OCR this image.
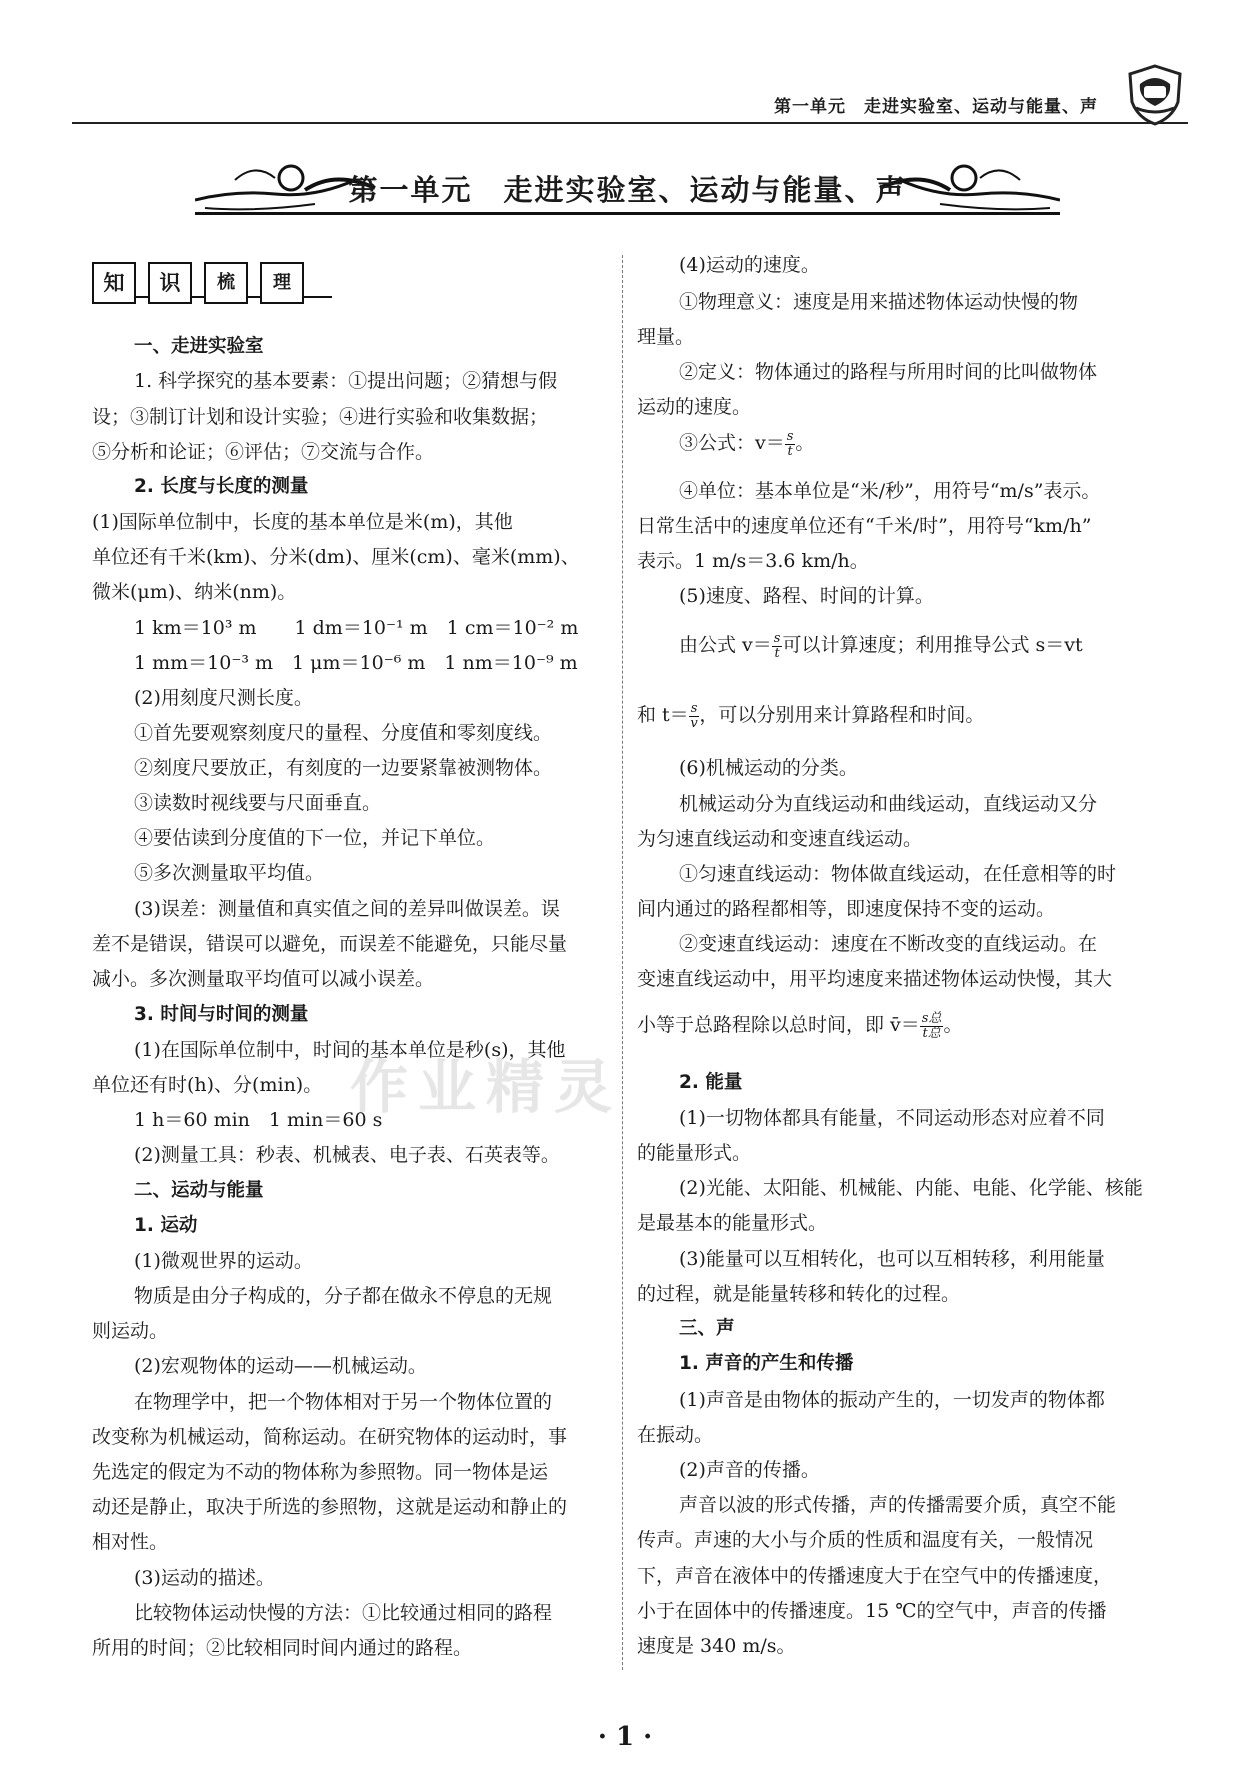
第一单元　走进实验室、运动与能量、声
第一单元　走进实验室、运动与能量、声
知	识	梳	理
作业精灵
一、走进实验室
1. 科学探究的基本要素：①提出问题；②猜想与假
设；③制订计划和设计实验；④进行实验和收集数据；
⑤分析和论证；⑥评估；⑦交流与合作。
2. 长度与长度的测量
(1)国际单位制中，长度的基本单位是米(m)，其他
单位还有千米(km)、分米(dm)、厘米(cm)、毫米(mm)、
微米(μm)、纳米(nm)。
1 km＝10³ m　　1 dm＝10⁻¹ m　1 cm＝10⁻² m
1 mm＝10⁻³ m　1 μm＝10⁻⁶ m　1 nm＝10⁻⁹ m
(2)用刻度尺测长度。
①首先要观察刻度尺的量程、分度值和零刻度线。
②刻度尺要放正，有刻度的一边要紧靠被测物体。
③读数时视线要与尺面垂直。
④要估读到分度值的下一位，并记下单位。
⑤多次测量取平均值。
(3)误差：测量值和真实值之间的差异叫做误差。误
差不是错误，错误可以避免，而误差不能避免，只能尽量
减小。多次测量取平均值可以减小误差。
3. 时间与时间的测量
(1)在国际单位制中，时间的基本单位是秒(s)，其他
单位还有时(h)、分(min)。
1 h＝60 min　1 min＝60 s
(2)测量工具：秒表、机械表、电子表、石英表等。
二、运动与能量
1. 运动
(1)微观世界的运动。
物质是由分子构成的，分子都在做永不停息的无规
则运动。
(2)宏观物体的运动——机械运动。
在物理学中，把一个物体相对于另一个物体位置的
改变称为机械运动，简称运动。在研究物体的运动时，事
先选定的假定为不动的物体称为参照物。同一物体是运
动还是静止，取决于所选的参照物，这就是运动和静止的
相对性。
(3)运动的描述。
比较物体运动快慢的方法：①比较通过相同的路程
所用的时间；②比较相同时间内通过的路程。
(4)运动的速度。
①物理意义：速度是用来描述物体运动快慢的物
理量。
②定义：物体通过的路程与所用时间的比叫做物体
运动的速度。
③公式：$v= \frac{s}{t}$ 。
④单位：基本单位是“米/秒”，用符号“m/s”表示。
日常生活中的速度单位还有“千米/时”，用符号“km/h”
表示。1 m/s＝3.6 km/h。
(5)速度、路程、时间的计算。
由公式 $v= \frac{s}{t}$ 可以计算速度；利用推导公式 s＝vt
和 $t= \frac{s}{v}$ ，可以分别用来计算路程和时间。
(6)机械运动的分类。
机械运动分为直线运动和曲线运动，直线运动又分
为匀速直线运动和变速直线运动。
①匀速直线运动：物体做直线运动，在任意相等的时
间内通过的路程都相等，即速度保持不变的运动。
②变速直线运动：速度在不断改变的直线运动。在
变速直线运动中，用平均速度来描述物体运动快慢，其大
小等于总路程除以总时间，即 v̄＝ $\frac{\text{s总}}{\text{t总}}$ 。
2. 能量
(1)一切物体都具有能量，不同运动形态对应着不同
的能量形式。
(2)光能、太阳能、机械能、内能、电能、化学能、核能
是最基本的能量形式。
(3)能量可以互相转化，也可以互相转移，利用能量
的过程，就是能量转移和转化的过程。
三、声
1. 声音的产生和传播
(1)声音是由物体的振动产生的，一切发声的物体都
在振动。
(2)声音的传播。
声音以波的形式传播，声的传播需要介质，真空不能
传声。声速的大小与介质的性质和温度有关，一般情况
下，声音在液体中的传播速度大于在空气中的传播速度，
小于在固体中的传播速度。15 ℃的空气中，声音的传播
速度是 340 m/s。
· 1 ·
